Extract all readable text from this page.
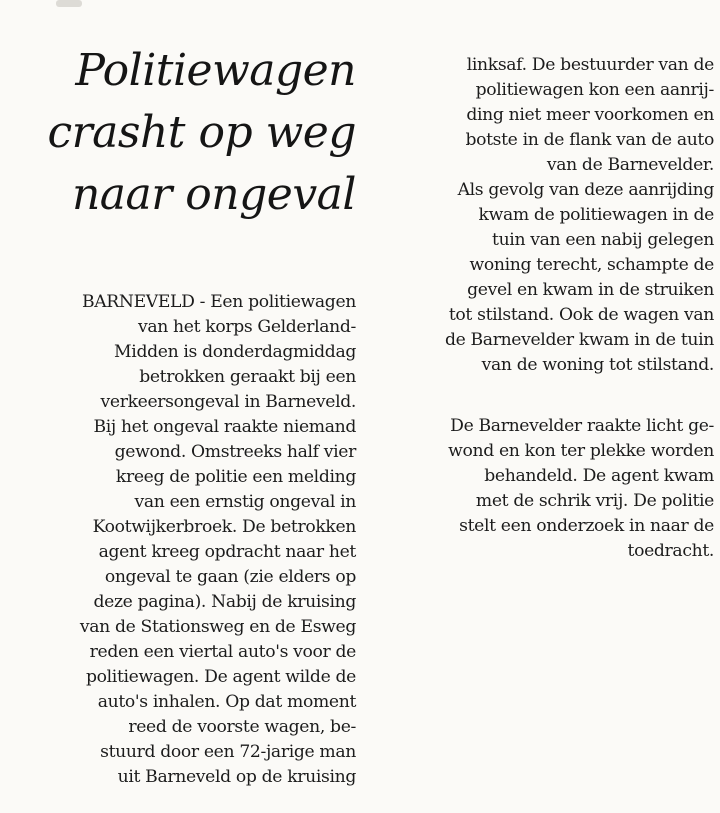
Politiewagen
crasht op weg
naar ongeval
BARNEVELD - Een politiewagen
van het korps Gelderland-
Midden is donderdagmiddag
betrokken geraakt bij een
verkeersongeval in Barneveld.
Bij het ongeval raakte niemand
gewond. Omstreeks half vier
kreeg de politie een melding
van een ernstig ongeval in
Kootwijkerbroek. De betrokken
agent kreeg opdracht naar het
ongeval te gaan (zie elders op
deze pagina). Nabij de kruising
van de Stationsweg en de Esweg
reden een viertal auto's voor de
politiewagen. De agent wilde de
auto's inhalen. Op dat moment
reed de voorste wagen, be-
stuurd door een 72-jarige man
uit Barneveld op de kruising
linksaf. De bestuurder van de
politiewagen kon een aanrij-
ding niet meer voorkomen en
botste in de flank van de auto
van de Barnevelder.
Als gevolg van deze aanrijding
kwam de politiewagen in de
tuin van een nabij gelegen
woning terecht, schampte de
gevel en kwam in de struiken
tot stilstand. Ook de wagen van
de Barnevelder kwam in de tuin
van de woning tot stilstand.
De Barnevelder raakte licht ge-
wond en kon ter plekke worden
behandeld. De agent kwam
met de schrik vrij. De politie
stelt een onderzoek in naar de
toedracht.
